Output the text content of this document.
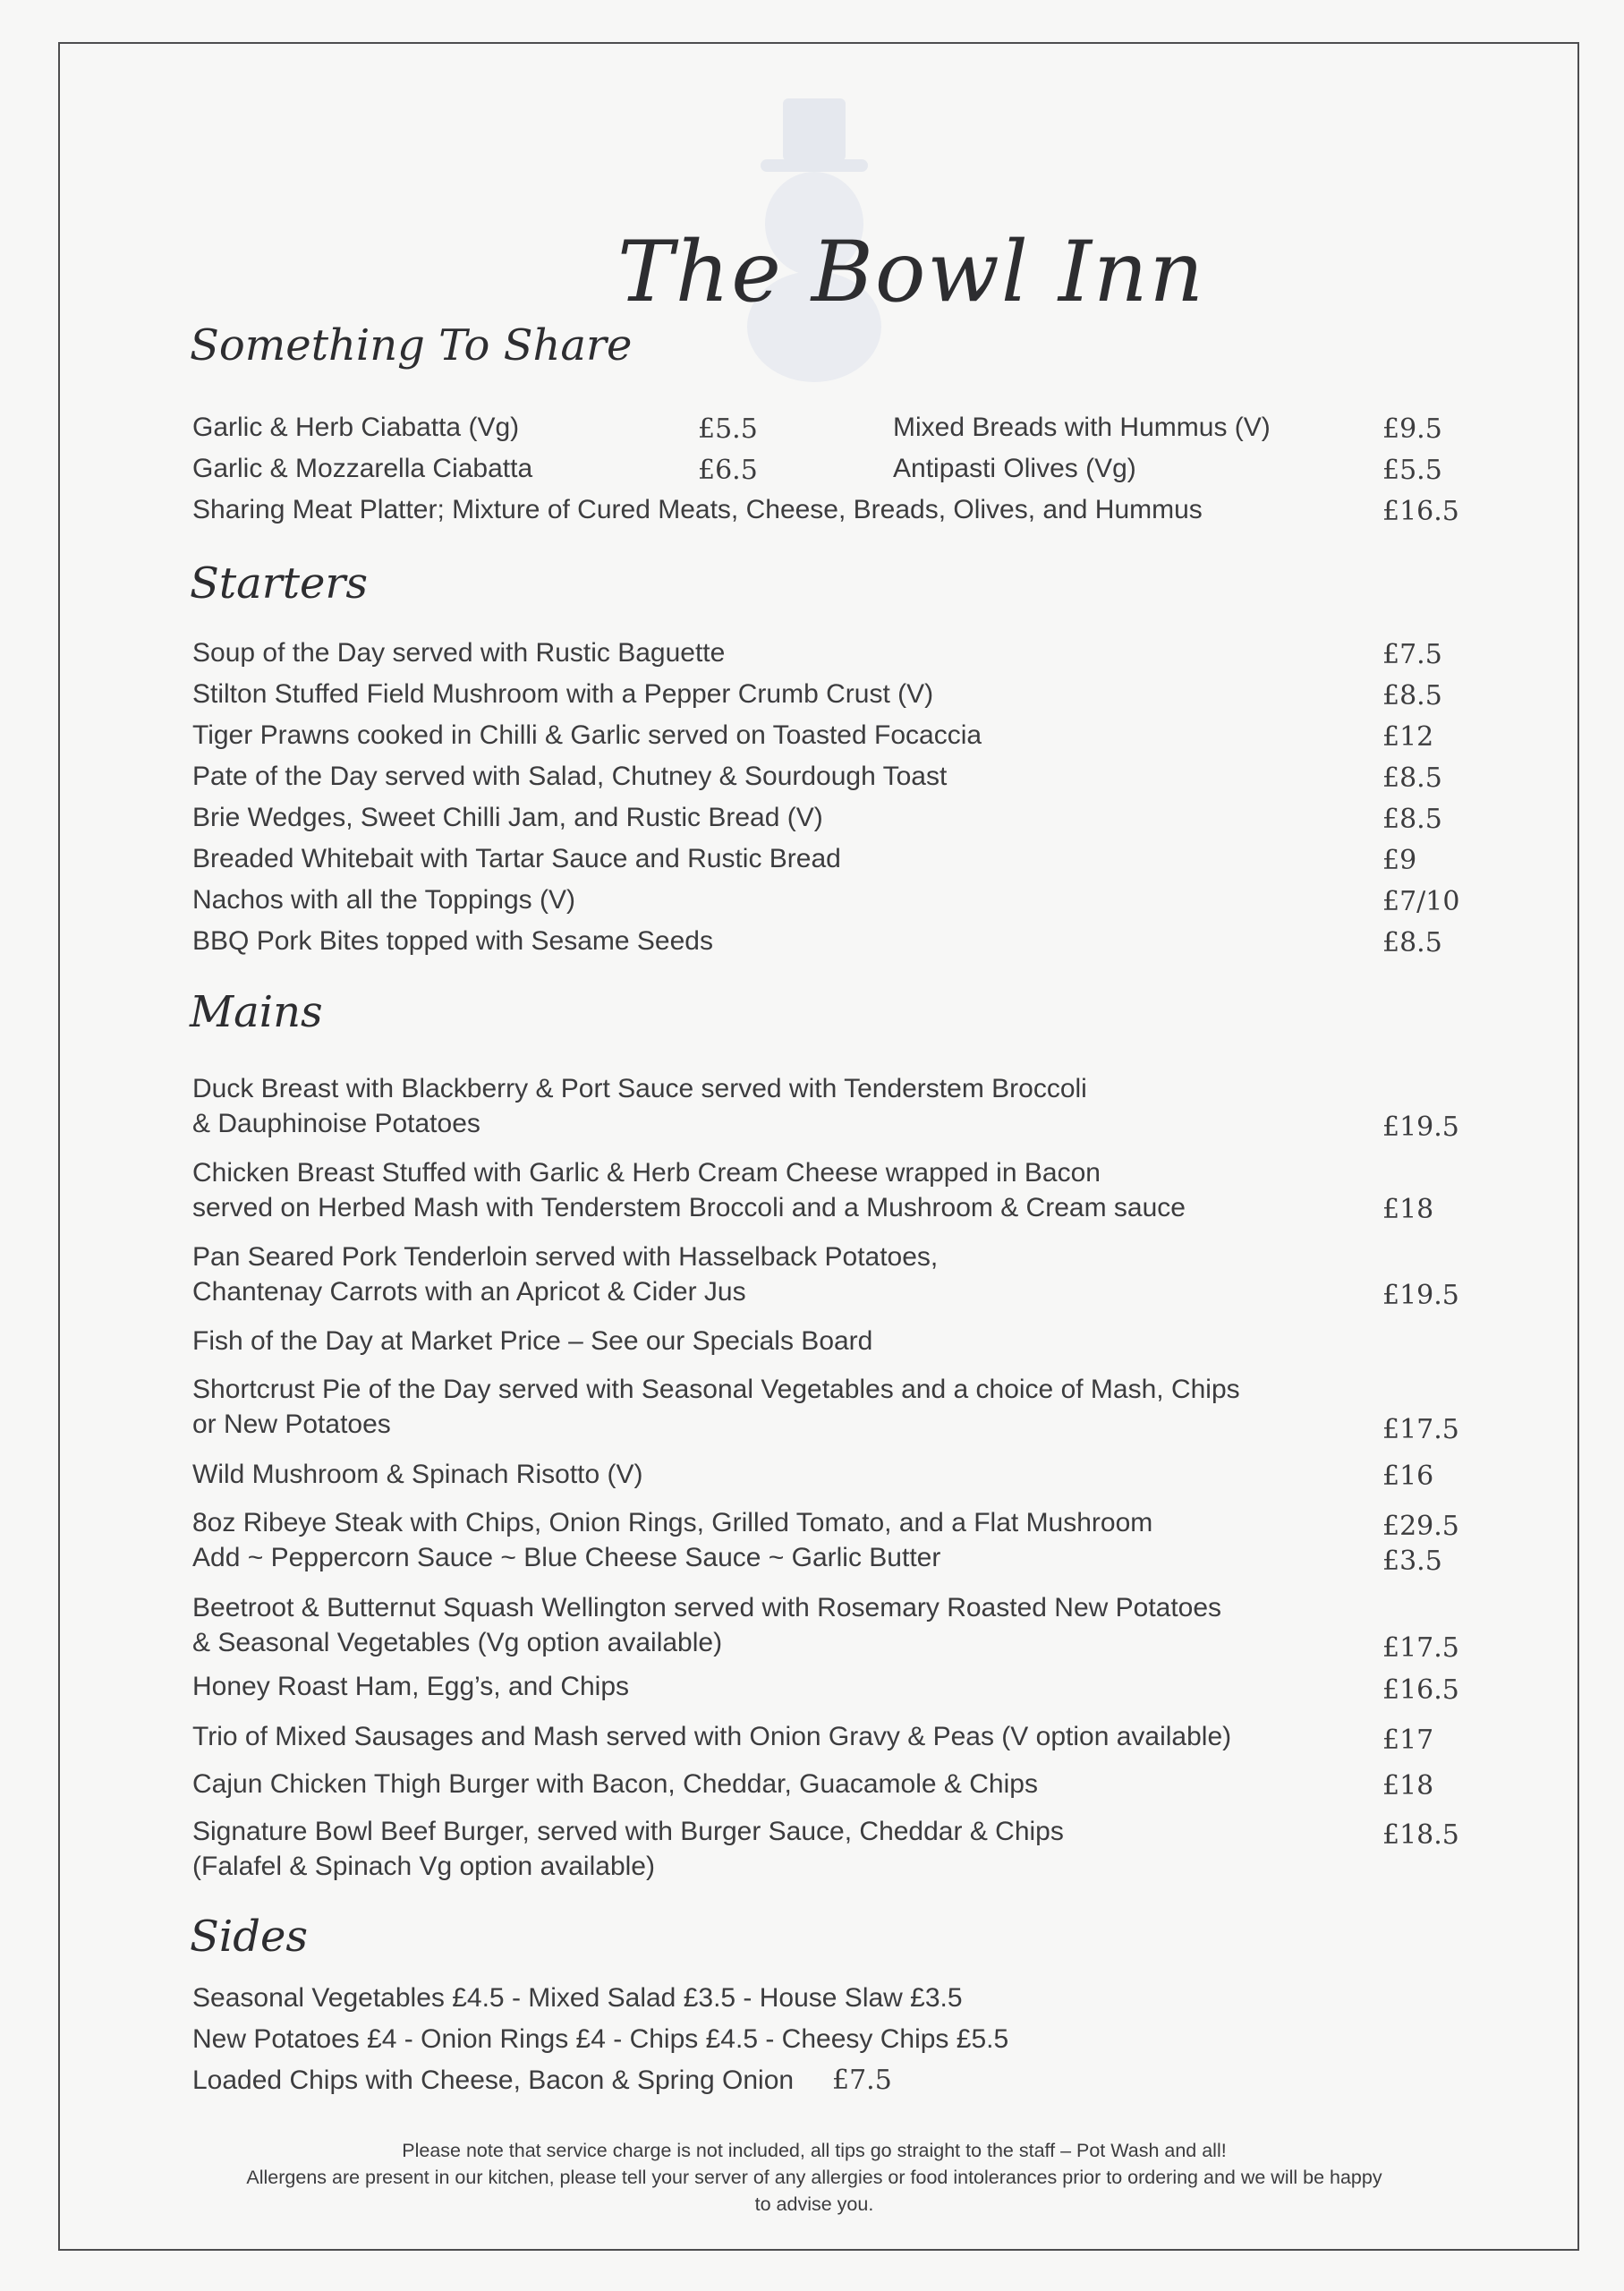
The Bowl Inn
Something To Share
Garlic & Herb Ciabatta (Vg)	£5.5	Mixed Breads with Hummus (V)	£9.5
Garlic & Mozzarella Ciabatta	£6.5	Antipasti Olives (Vg)	£5.5
Sharing Meat Platter; Mixture of Cured Meats, Cheese, Breads, Olives, and Hummus	£16.5
Starters
Soup of the Day served with Rustic Baguette	£7.5
Stilton Stuffed Field Mushroom with a Pepper Crumb Crust (V)	£8.5
Tiger Prawns cooked in Chilli & Garlic served on Toasted Focaccia	£12
Pate of the Day served with Salad, Chutney & Sourdough Toast	£8.5
Brie Wedges, Sweet Chilli Jam, and Rustic Bread (V)	£8.5
Breaded Whitebait with Tartar Sauce and Rustic Bread	£9
Nachos with all the Toppings (V)	£7/10
BBQ Pork Bites topped with Sesame Seeds	£8.5
Mains
Duck Breast with Blackberry & Port Sauce served with Tenderstem Broccoli
& Dauphinoise Potatoes	£19.5
Chicken Breast Stuffed with Garlic & Herb Cream Cheese wrapped in Bacon
served on Herbed Mash with Tenderstem Broccoli and a Mushroom & Cream sauce	£18
Pan Seared Pork Tenderloin served with Hasselback Potatoes,
Chantenay Carrots with an Apricot & Cider Jus	£19.5
Fish of the Day at Market Price – See our Specials Board
Shortcrust Pie of the Day served with Seasonal Vegetables and a choice of Mash, Chips
or New Potatoes	£17.5
Wild Mushroom & Spinach Risotto (V)	£16
8oz Ribeye Steak with Chips, Onion Rings, Grilled Tomato, and a Flat Mushroom	£29.5
Add ~ Peppercorn Sauce ~ Blue Cheese Sauce ~ Garlic Butter	£3.5
Beetroot & Butternut Squash Wellington served with Rosemary Roasted New Potatoes
& Seasonal Vegetables (Vg option available)	£17.5
Honey Roast Ham, Egg’s, and Chips	£16.5
Trio of Mixed Sausages and Mash served with Onion Gravy & Peas (V option available)	£17
Cajun Chicken Thigh Burger with Bacon, Cheddar, Guacamole & Chips	£18
Signature Bowl Beef Burger, served with Burger Sauce, Cheddar & Chips	£18.5
(Falafel & Spinach Vg option available)
Sides
Seasonal Vegetables £4.5 - Mixed Salad £3.5 - House Slaw £3.5
New Potatoes £4 - Onion Rings £4 - Chips £4.5 - Cheesy Chips £5.5
Loaded Chips with Cheese, Bacon & Spring Onion £7.5
Please note that service charge is not included, all tips go straight to the staff – Pot Wash and all!
Allergens are present in our kitchen, please tell your server of any allergies or food intolerances prior to ordering and we will be happy
to advise you.
